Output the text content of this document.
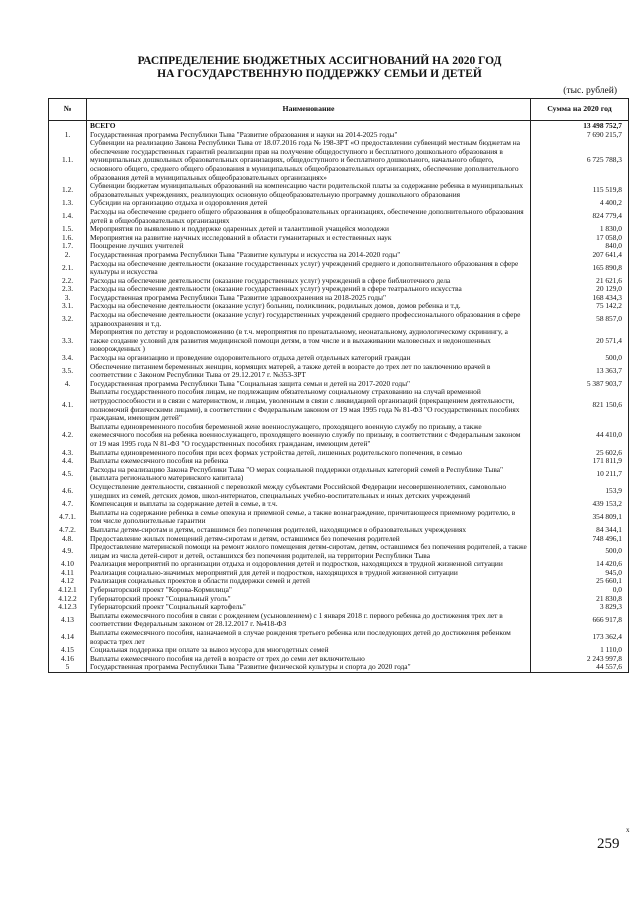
РАСПРЕДЕЛЕНИЕ БЮДЖЕТНЫХ АССИГНОВАНИЙ НА 2020 ГОД
НА ГОСУДАРСТВЕННУЮ ПОДДЕРЖКУ СЕМЬИ И ДЕТЕЙ
(тыс. рублей)
№	Наименование	Сумма на 2020 год
	ВСЕГО	13 498 752,7
1.	Государственная программа Республики Тыва "Развитие образования и науки на 2014-2025 годы"	7 690 215,7
1.1.	Субвенции на реализацию Закона Республики Тыва от 18.07.2016 года № 198-ЗРТ «О предоставлении субвенций местным бюджетам на обеспечение государственных гарантий реализации прав на получение общедоступного и бесплатного дошкольного образования в муниципальных дошкольных образовательных организациях, общедоступного и бесплатного дошкольного, начального общего, основного общего, среднего общего образования в муниципальных общеобразовательных организациях, обеспечение дополнительного образования детей в муниципальных общеобразовательных организациях»	6 725 788,3
1.2.	Субвенции бюджетам муниципальных образований на компенсацию части родительской платы за содержание ребенка в муниципальных образовательных учреждениях, реализующих основную общеобразовательную программу дошкольного образования	115 519,8
1.3.	Субсидии на организацию отдыха и оздоровления детей	4 400,2
1.4.	Расходы на обеспечение среднего общего образования в общеобразовательных организациях, обеспечение дополнительного образования детей в общеобразовательных организациях	824 779,4
1.5.	Мероприятия по выявлению и поддержке одаренных детей и талантливой учащейся молодежи	1 830,0
1.6.	Мероприятия на развитие научных исследований в области гуманитарных и естественных наук	17 058,0
1.7.	Поощрение лучших учителей	840,0
2.	Государственная программа Республики Тыва "Развитие культуры и искусства на 2014-2020 годы"	207 641,4
2.1.	Расходы на обеспечение деятельности (оказание государственных услуг) учреждений среднего и дополнительного образования в сфере культуры и искусства	165 890,8
2.2.	Расходы на обеспечение деятельности (оказание государственных услуг) учреждений в сфере библиотечного дела	21 621,6
2.3.	Расходы на обеспечение деятельности (оказание государственных услуг) учреждений в сфере театрального искусства	20 129,0
3.	Государственная программа Республики Тыва "Развитие здравоохранения на 2018-2025 годы"	168 434,3
3.1.	Расходы на обеспечение деятельности (оказание услуг) больниц, поликлиник, родильных домов, домов ребенка и т.д.	75 142,2
3.2.	Расходы на обеспечение деятельности (оказание услуг) государственных учреждений среднего профессионального образования в сфере здравоохранения и т.д.	58 857,0
3.3.	Мероприятия по детству и родовспоможению (в т.ч. мероприятия по пренатальному, неонатальному, аудиологическому скринингу, а также создание условий для развития медицинской помощи детям, в том числе и в выхаживании маловесных и недоношенных новорожденных )	20 571,4
3.4.	Расходы на организацию и проведение оздоровительного отдыха детей отдельных категорий граждан	500,0
3.5.	Обеспечение питанием беременных женщин, кормящих матерей, а также детей в возрасте до трех лет по заключению врачей в соответствии с Законом Республики Тыва от 29.12.2017 г. №353-ЗРТ	13 363,7
4.	Государственная программа Республики Тыва "Социальная защита семьи и детей на 2017-2020 годы"	5 387 903,7
4.1.	Выплаты государственного пособия лицам, не подлежащим обязательному социальному страхованию на случай временной нетрудоспособности и в связи с материнством, и лицам, уволенным в связи с ликвидацией организаций (прекращением деятельности, полномочий физическими лицами), в соответствии с Федеральным законом от 19 мая 1995 года № 81-ФЗ "О государственных пособиях гражданам, имеющим детей"	821 150,6
4.2.	Выплаты единовременного пособия беременной жене военнослужащего, проходящего военную службу по призыву, а также ежемесячного пособия на ребенка военнослужащего, проходящего военную службу по призыву, в соответствии с Федеральным законом от 19 мая 1995 года N 81-ФЗ "О государственных пособиях гражданам, имеющим детей"	44 410,0
4.3.	Выплаты единовременного пособия при всех формах устройства детей, лишенных родительского попечения, в семью	25 602,6
4.4.	Выплаты ежемесячного пособия на ребенка	171 811,9
4.5.	Расходы на реализацию Закона Республики Тыва "О мерах социальной поддержки отдельных категорий семей в Республике Тыва" (выплата регионального материнского капитала)	10 211,7
4.6.	Осуществление деятельности, связанной с перевозкой между субъектами Российской Федерации несовершеннолетних, самовольно ушедших из семей, детских домов, школ-интернатов, специальных учебно-воспитательных и иных детских учреждений	153,9
4.7.	Компенсация и выплаты за содержание детей в семье, в т.ч.	439 153,2
4.7.1.	Выплаты на содержание ребенка в семье опекуна и приемной семье, а также вознаграждение, причитающееся приемному родителю, в том числе дополнительные гарантии	354 809,1
4.7.2.	Выплаты детям-сиротам и детям, оставшимся без попечения родителей, находящимся в образовательных учреждениях	84 344,1
4.8.	Предоставление жилых помещений детям-сиротам и детям, оставшимся без попечения родителей	748 496,1
4.9.	Предоставление материнской помощи на ремонт жилого помещения детям-сиротам, детям, оставшимся без попечения родителей, а также лицам из числа детей-сирот и детей, оставшихся без попечения родителей, на территории Республики Тыва	500,0
4.10	Реализация мероприятий по организации отдыха и оздоровления детей и подростков, находящихся в трудной жизненной ситуации	14 420,6
4.11	Реализация социально-значимых мероприятий для детей и подростков, находящихся в трудной жизненной ситуации	945,0
4.12	Реализация социальных проектов в области поддержки семей и детей	25 660,1
4.12.1	Губернаторский проект "Корова-Кормилица"	0,0
4.12.2	Губернаторский проект "Социальный уголь"	21 830,8
4.12.3	Губернаторский проект "Социальный картофель"	3 829,3
4.13	Выплаты ежемесячного пособия в связи с рождением (усыновлением) с 1 января 2018 г. первого ребенка до достижения трех лет в соответствии Федеральным законом от 28.12.2017 г. №418-ФЗ	666 917,8
4.14	Выплаты ежемесячного пособия, назначаемой в случае рождения третьего ребенка или последующих детей до достижения ребенком возраста трех лет	173 362,4
4.15	Социальная поддержка при оплате за вывоз мусора для многодетных семей	1 110,0
4.16	Выплаты ежемесячного пособия на детей в возрасте от трех до семи лет включительно	2 243 997,8
5	Государственная программа Республики Тыва "Развитие физической культуры и спорта до 2020 года"	44 557,6
259
x
